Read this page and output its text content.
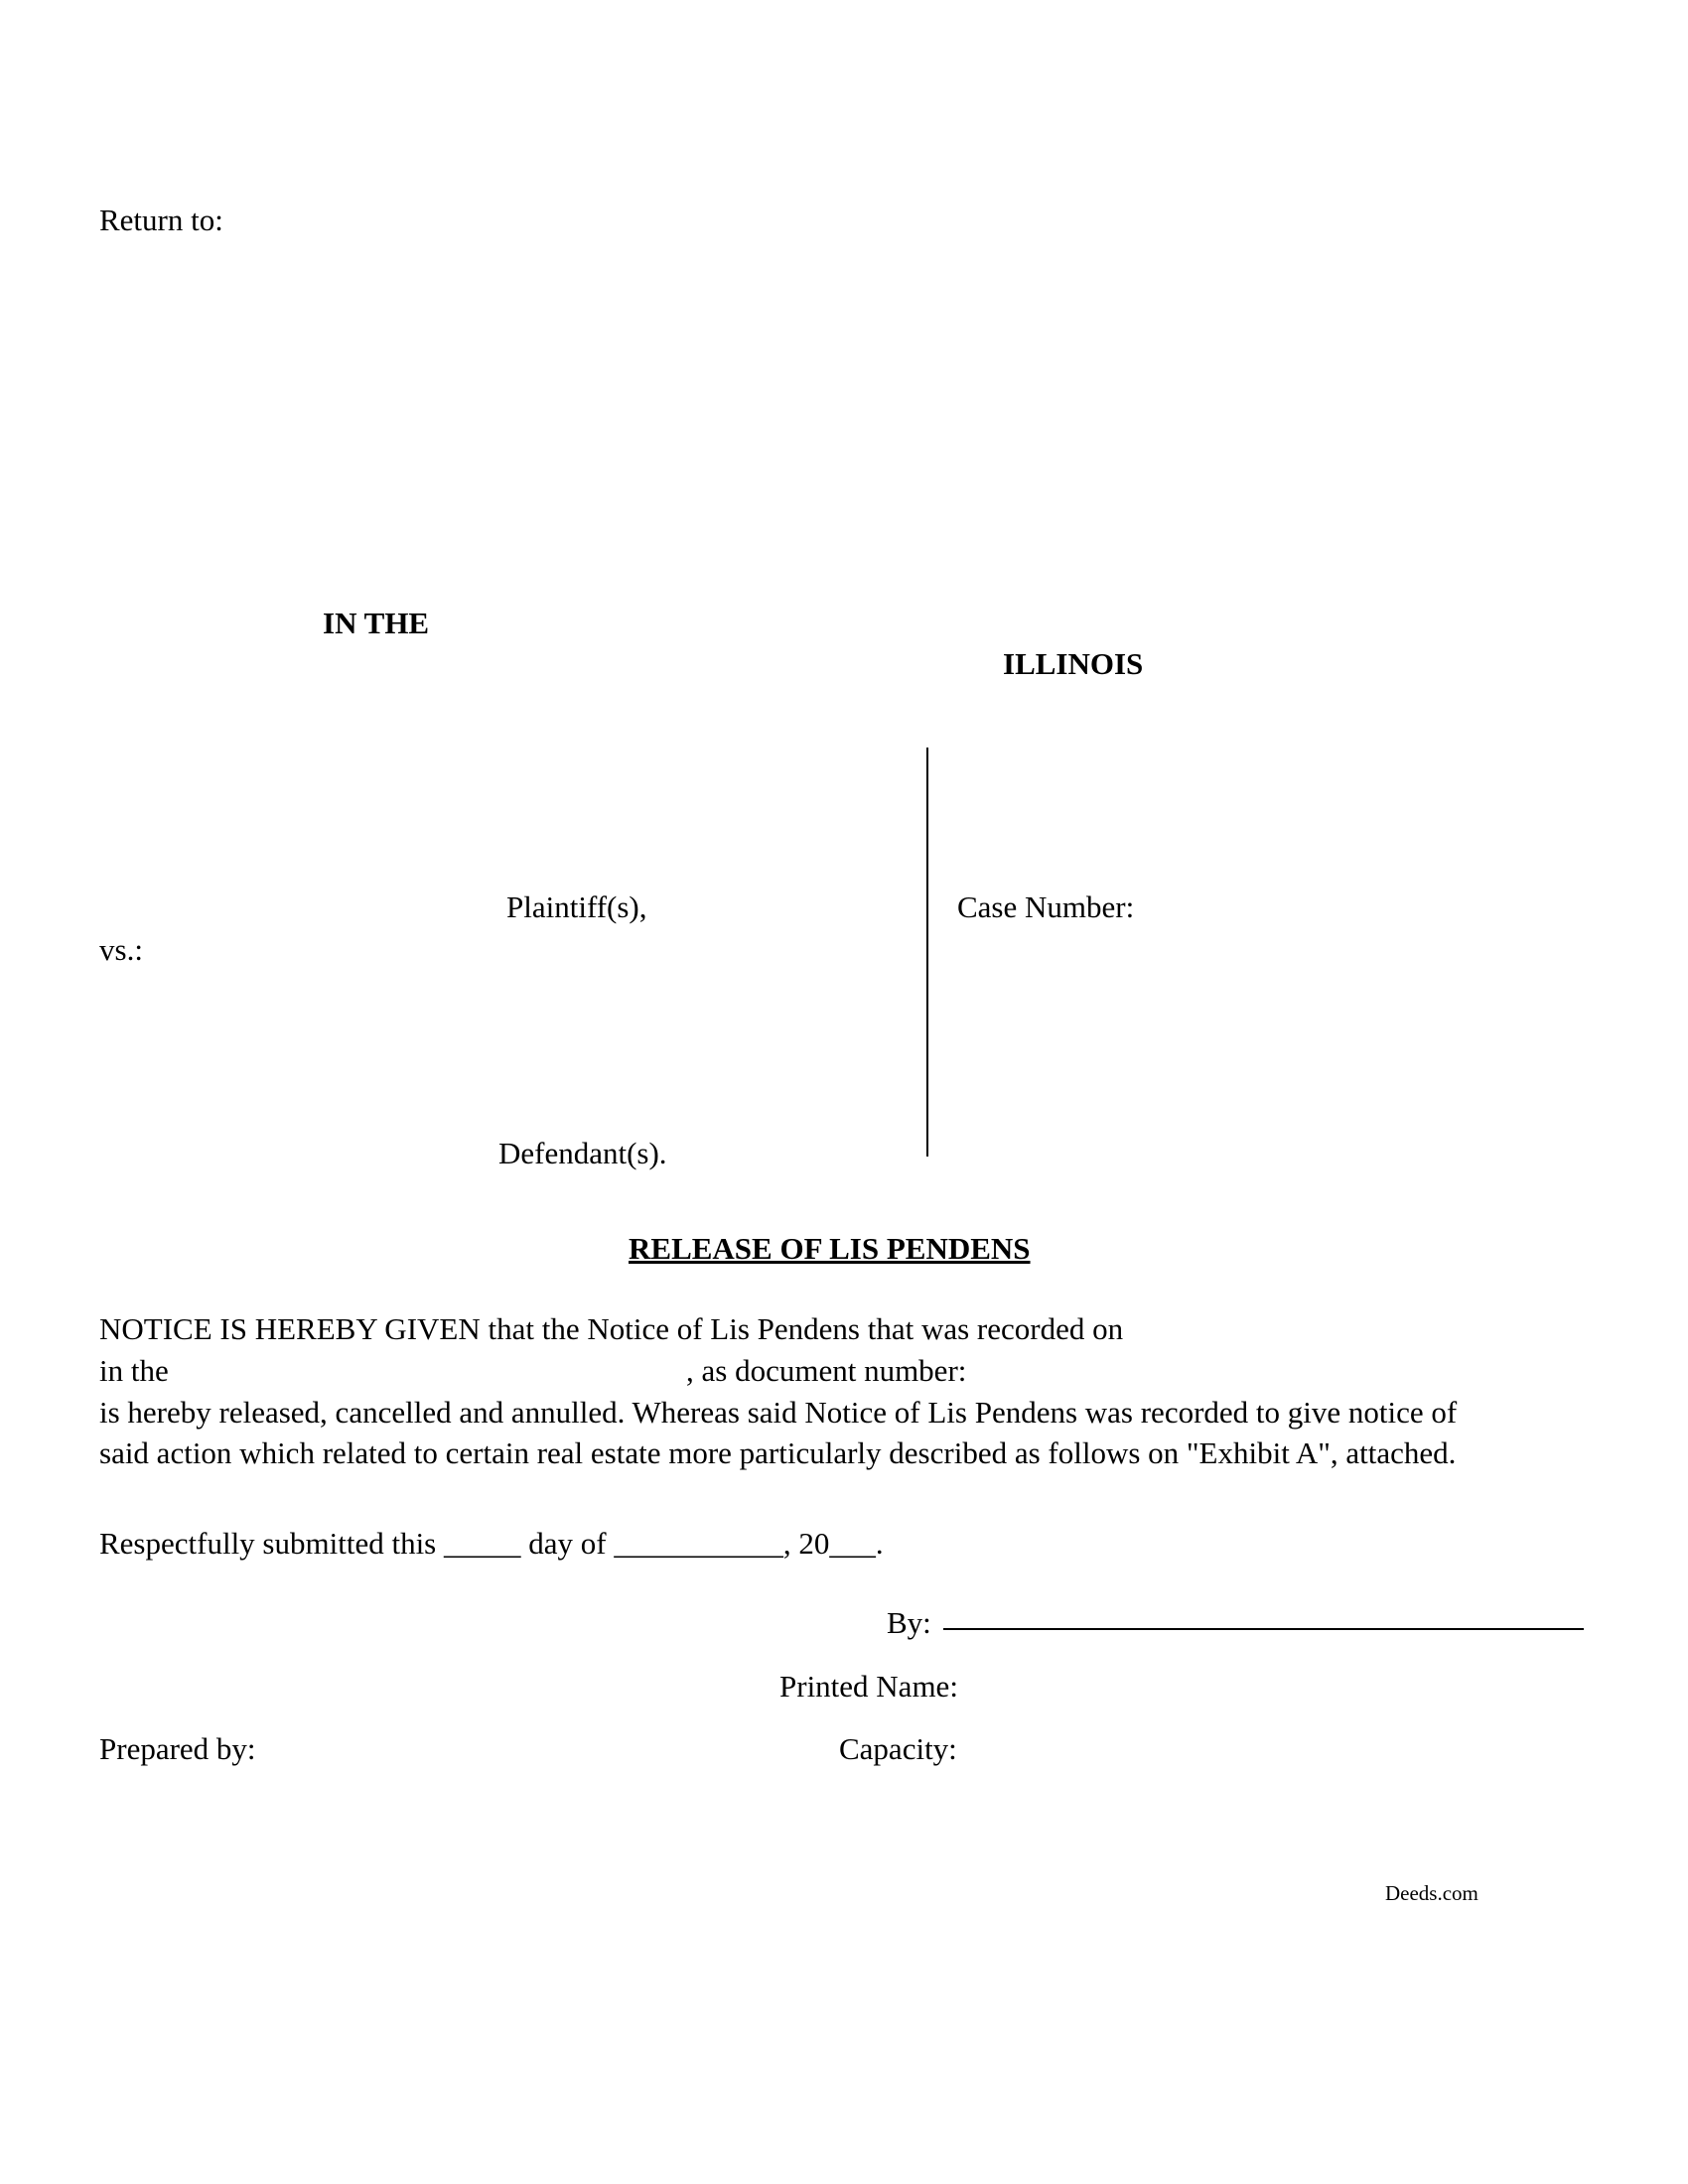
Return to:
IN THE
ILLINOIS
Plaintiff(s),	Case Number:
vs.:
Defendant(s).
RELEASE OF LIS PENDENS
NOTICE IS HEREBY GIVEN that the Notice of Lis Pendens that was recorded on
in the	, as document number:
is hereby released, cancelled and annulled. Whereas said Notice of Lis Pendens was recorded to give notice of
said action which related to certain real estate more particularly described as follows on "Exhibit A", attached.
Respectfully submitted this _____ day of ___________, 20___.
By:
Printed Name:
Prepared by:	Capacity:
Deeds.com
